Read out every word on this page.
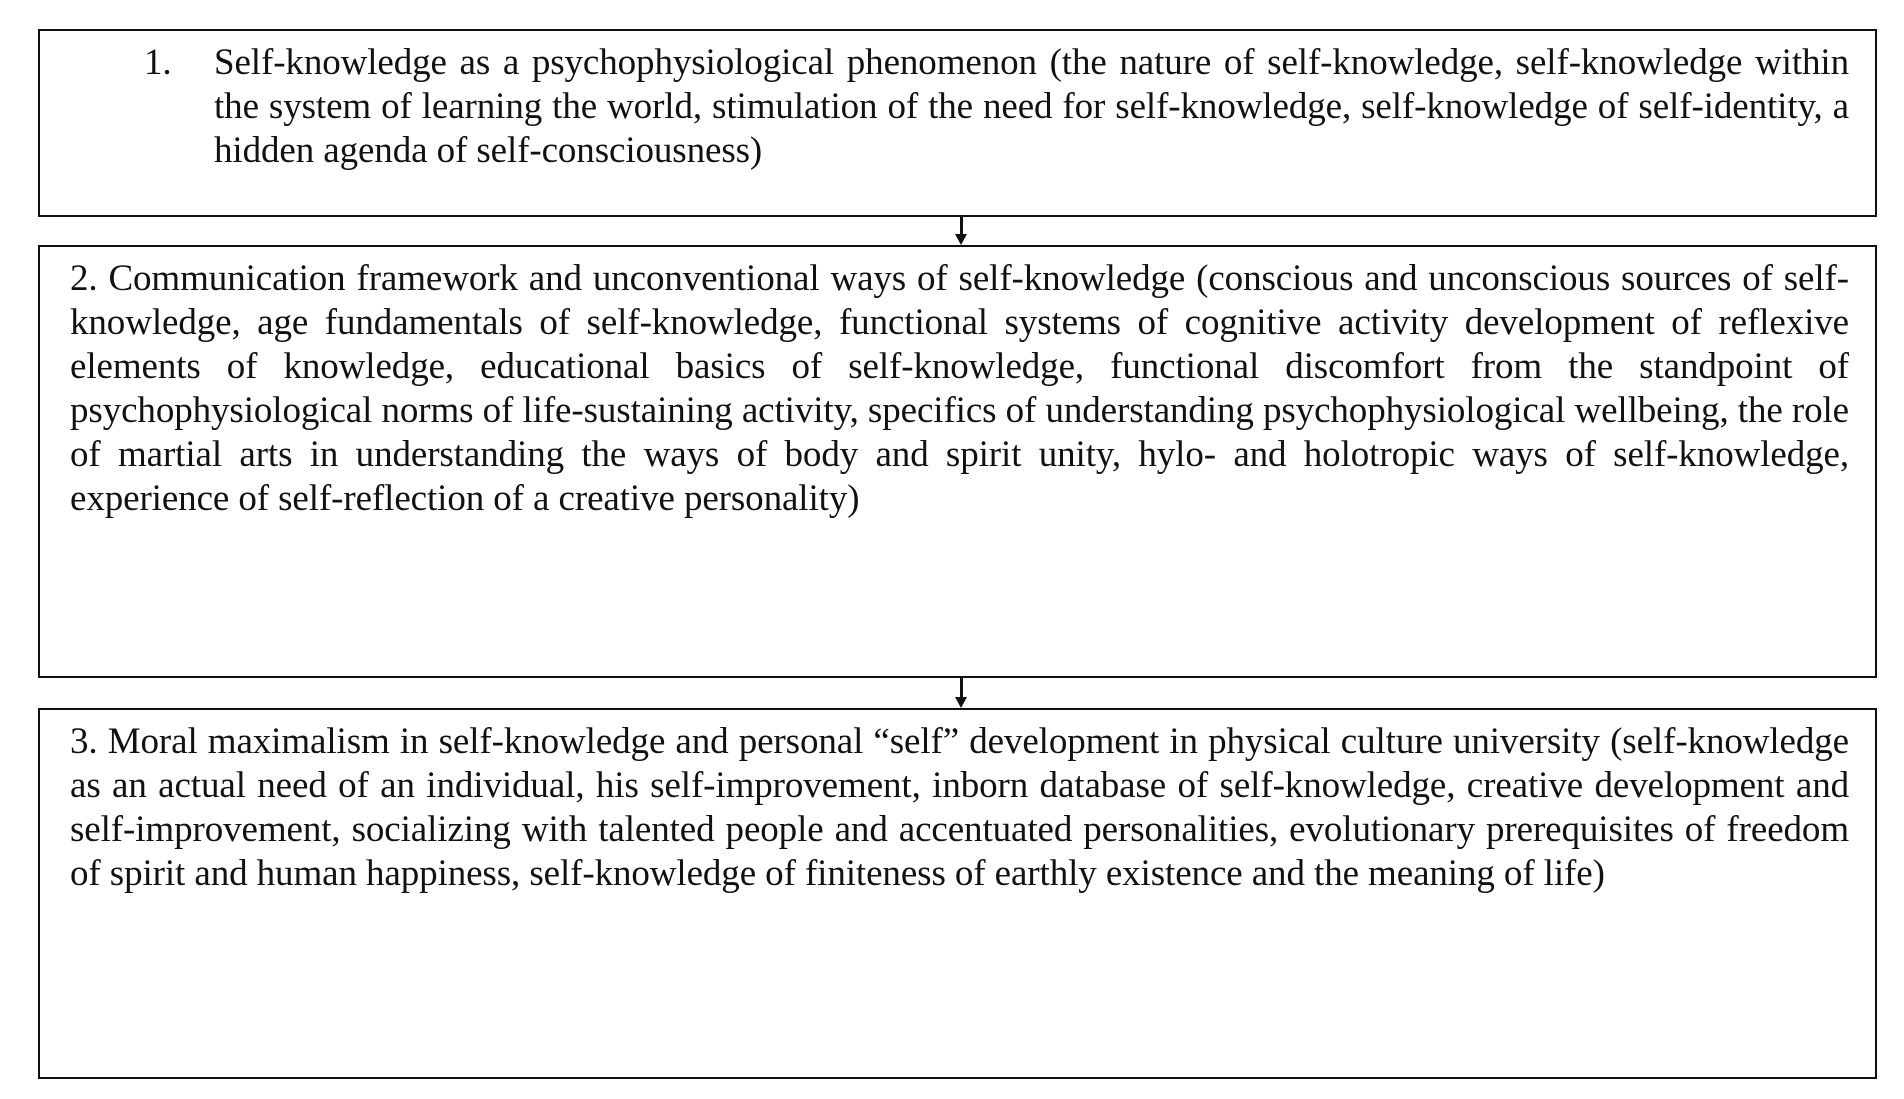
1. Self-knowledge as a psychophysiological phenomenon (the nature of self-knowledge, self-knowledge within the system of learning the world, stimulation of the need for self-knowledge, self-knowledge of self-identity, a hidden agenda of self-consciousness)

2. Communication framework and unconventional ways of self-knowledge (conscious and unconscious sources of self-knowledge, age fundamentals of self-knowledge, functional systems of cognitive activity development of reflexive elements of knowledge, educational basics of self-knowledge, functional discomfort from the standpoint of psychophysiological norms of life-sustaining activity, specifics of understanding psychophysiological wellbeing, the role of martial arts in understanding the ways of body and spirit unity, hylo- and holotropic ways of self-knowledge, experience of self-reflection of a creative personality)

3. Moral maximalism in self-knowledge and personal “self” development in physical culture university (self-knowledge as an actual need of an individual, his self-improvement, inborn database of self-knowledge, creative development and self-improvement, socializing with talented people and accentuated personalities, evolutionary prerequisites of freedom of spirit and human happiness, self-knowledge of finiteness of earthly existence and the meaning of life)
